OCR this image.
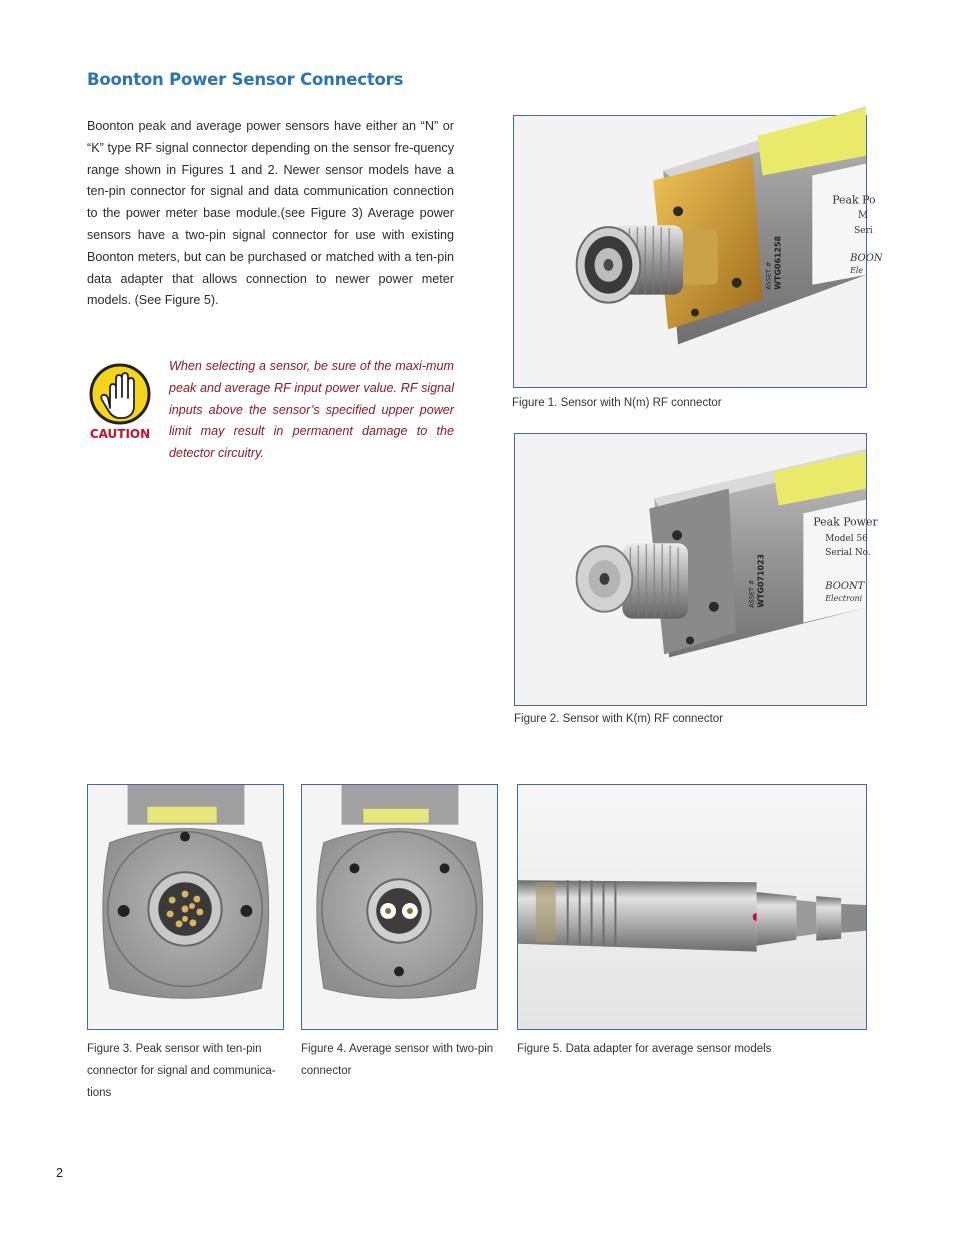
Boonton Power Sensor Connectors

Boonton peak and average power sensors have either an “N” or “K” type RF signal connector depending on the sensor fre-quency range shown in Figures 1 and 2. Newer sensor models have a ten-pin connector for signal and data communication connection to the power meter base module.(see Figure 3) Average power sensors have a two-pin signal connector for use with existing Boonton meters, but can be purchased or matched with a ten-pin data adapter that allows connection to newer power meter models. (See Figure 5).

CAUTION

When selecting a sensor, be sure of the maxi-mum peak and average RF input power value. RF signal inputs above the sensor’s specified upper power limit may result in permanent damage to the detector circuitry.

Peak Po
M
Seri
BOON
Ele
ASSET # WTG061258

Figure 1. Sensor with N(m) RF connector

Peak Power
Model 56
Serial No.
BOONT
Electroni
ASSET # WTG071023

Figure 2. Sensor with K(m) RF connector

Figure 3. Peak sensor with ten-pin connector for signal and communica-tions

Figure 4. Average sensor with two-pin connector

Figure 5. Data adapter for average sensor models

2
